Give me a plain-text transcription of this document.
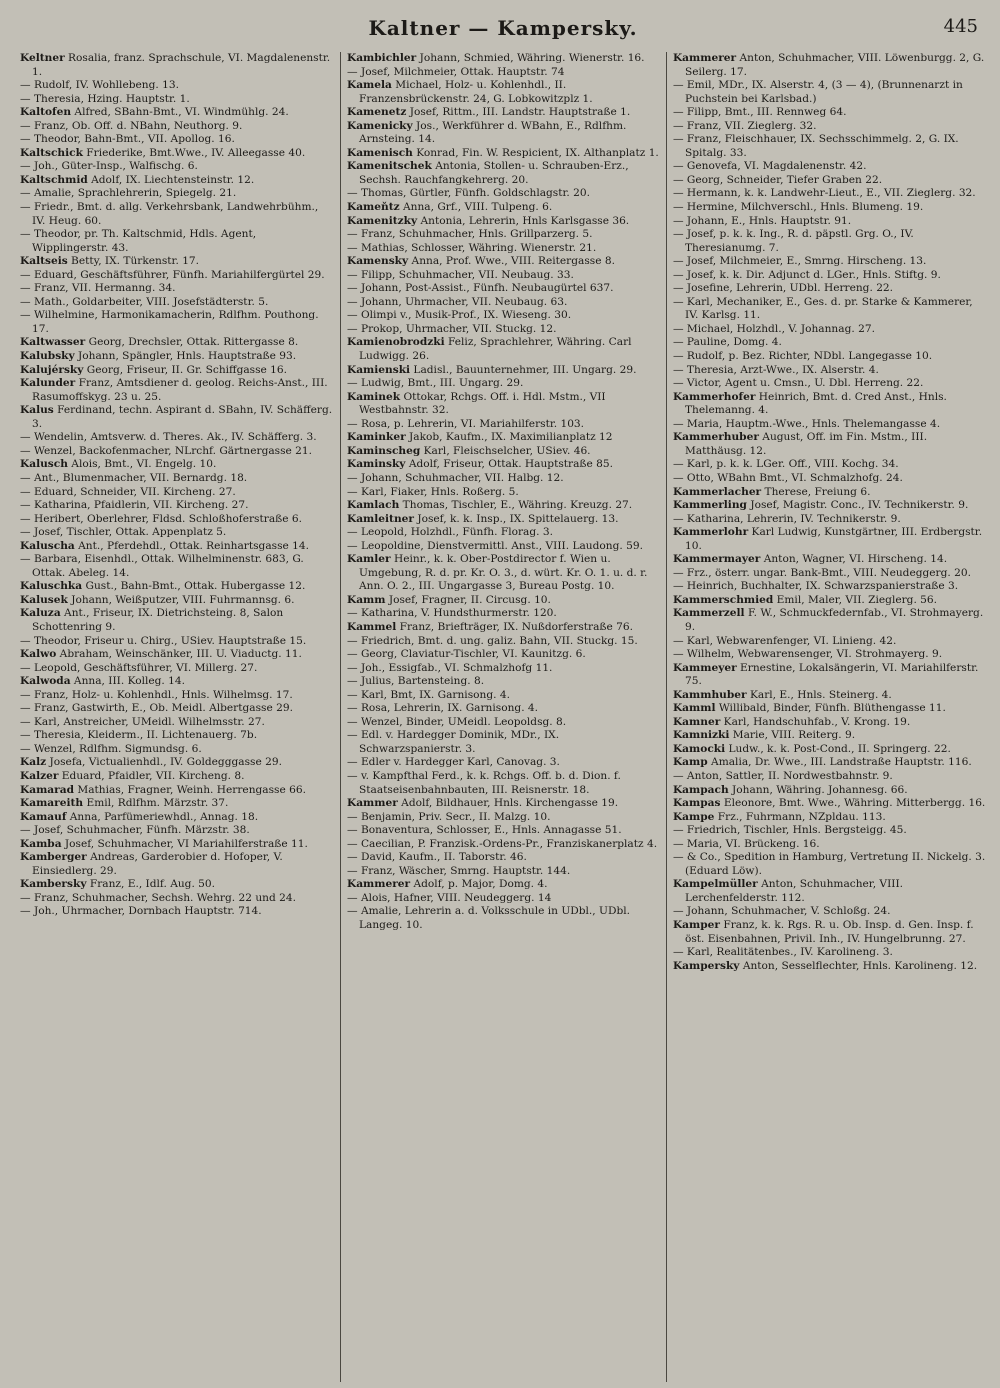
Kaltner — Kampersky.	445
Keltner Rosalia, franz. Sprachschule, VI. Magdalenenstr. 1.
— Rudolf, IV. Wohllebeng. 13.
— Theresia, Hzing. Hauptstr. 1.
Kaltofen Alfred, SBahn-Bmt., VI. Windmühlg. 24.
— Franz, Ob. Off. d. NBahn, Neuthorg. 9.
— Theodor, Bahn-Bmt., VII. Apollog. 16.
Kaltschick Friederike, Bmt.Wwe., IV. Alleegasse 40.
— Joh., Güter-Insp., Walfischg. 6.
Kaltschmid Adolf, IX. Liechtensteinstr. 12.
— Amalie, Sprachlehrerin, Spiegelg. 21.
— Friedr., Bmt. d. allg. Verkehrsbank, Landwehrbühm., IV. Heug. 60.
— Theodor, pr. Th. Kaltschmid, Hdls. Agent, Wipplingerstr. 43.
Kaltseis Betty, IX. Türkenstr. 17.
— Eduard, Geschäftsführer, Fünfh. Mariahilfergürtel 29.
— Franz, VII. Hermanng. 34.
— Math., Goldarbeiter, VIII. Josefstädterstr. 5.
— Wilhelmine, Harmonikamacherin, Rdlfhm. Pouthong. 17.
Kaltwasser Georg, Drechsler, Ottak. Rittergasse 8.
Kalubsky Johann, Spängler, Hnls. Hauptstraße 93.
Kalujérsky Georg, Friseur, II. Gr. Schiffgasse 16.
Kalunder Franz, Amtsdiener d. geolog. Reichs-Anst., III. Rasumoffskyg. 23 u. 25.
Kalus Ferdinand, techn. Aspirant d. SBahn, IV. Schäfferg. 3.
— Wendelin, Amtsverw. d. Theres. Ak., IV. Schäfferg. 3.
— Wenzel, Backofenmacher, NLrchf. Gärtnergasse 21.
Kalusch Alois, Bmt., VI. Engelg. 10.
— Ant., Blumenmacher, VII. Bernardg. 18.
— Eduard, Schneider, VII. Kircheng. 27.
— Katharina, Pfaidlerin, VII. Kircheng. 27.
— Heribert, Oberlehrer, Fldsd. Schloßhoferstraße 6.
— Josef, Tischler, Ottak. Appenplatz 5.
Kaluscha Ant., Pferdehdl., Ottak. Reinhartsgasse 14.
— Barbara, Eisenhdl., Ottak. Wilhelminenstr. 683, G. Ottak. Abeleg. 14.
Kaluschka Gust., Bahn-Bmt., Ottak. Hubergasse 12.
Kalusek Johann, Weißputzer, VIII. Fuhrmannsg. 6.
Kaluza Ant., Friseur, IX. Dietrichsteing. 8, Salon Schottenring 9.
— Theodor, Friseur u. Chirg., USiev. Hauptstraße 15.
Kalwo Abraham, Weinschänker, III. U. Viaductg. 11.
— Leopold, Geschäftsführer, VI. Millerg. 27.
Kalwoda Anna, III. Kolleg. 14.
— Franz, Holz- u. Kohlenhdl., Hnls. Wilhelmsg. 17.
— Franz, Gastwirth, E., Ob. Meidl. Albertgasse 29.
— Karl, Anstreicher, UMeidl. Wilhelmsstr. 27.
— Theresia, Kleiderm., II. Lichtenauerg. 7b.
— Wenzel, Rdlfhm. Sigmundsg. 6.
Kalz Josefa, Victualienhdl., IV. Goldegggasse 29.
Kalzer Eduard, Pfaidler, VII. Kircheng. 8.
Kamarad Mathias, Fragner, Weinh. Herrengasse 66.
Kamareith Emil, Rdlfhm. Märzstr. 37.
Kamauf Anna, Parfümeriewhdl., Annag. 18.
— Josef, Schuhmacher, Fünfh. Märzstr. 38.
Kamba Josef, Schuhmacher, VI Mariahilferstraße 11.
Kamberger Andreas, Garderobier d. Hofoper, V. Einsiedlerg. 29.
Kambersky Franz, E., Idlf. Aug. 50.
— Franz, Schuhmacher, Sechsh. Wehrg. 22 und 24.
— Joh., Uhrmacher, Dornbach Hauptstr. 714.
Kambichler Johann, Schmied, Währing. Wienerstr. 16.
— Josef, Milchmeier, Ottak. Hauptstr. 74
Kamela Michael, Holz- u. Kohlenhdl., II. Franzensbrückenstr. 24, G. Lobkowitzplz 1.
Kamenetz Josef, Rittm., III. Landstr. Hauptstraße 1.
Kamenicky Jos., Werkführer d. WBahn, E., Rdlfhm. Arnsteing. 14.
Kamenisch Konrad, Fin. W. Respicient, IX. Althanplatz 1.
Kamenitschek Antonia, Stollen- u. Schrauben-Erz., Sechsh. Rauchfangkehrerg. 20.
— Thomas, Gürtler, Fünfh. Goldschlagstr. 20.
Kameňtz Anna, Grf., VIII. Tulpeng. 6.
Kamenitzky Antonia, Lehrerin, Hnls Karlsgasse 36.
— Franz, Schuhmacher, Hnls. Grillparzerg. 5.
— Mathias, Schlosser, Währing. Wienerstr. 21.
Kamensky Anna, Prof. Wwe., VIII. Reitergasse 8.
— Filipp, Schuhmacher, VII. Neubaug. 33.
— Johann, Post-Assist., Fünfh. Neubaugürtel 637.
— Johann, Uhrmacher, VII. Neubaug. 63.
— Olimpi v., Musik-Prof., IX. Wieseng. 30.
— Prokop, Uhrmacher, VII. Stuckg. 12.
Kamienobrodzki Feliz, Sprachlehrer, Währing. Carl Ludwigg. 26.
Kamienski Ladisl., Bauunternehmer, III. Ungarg. 29.
— Ludwig, Bmt., III. Ungarg. 29.
Kaminek Ottokar, Rchgs. Off. i. Hdl. Mstm., VII Westbahnstr. 32.
— Rosa, p. Lehrerin, VI. Mariahilferstr. 103.
Kaminker Jakob, Kaufm., IX. Maximilianplatz 12
Kaminscheg Karl, Fleischselcher, USiev. 46.
Kaminsky Adolf, Friseur, Ottak. Hauptstraße 85.
— Johann, Schuhmacher, VII. Halbg. 12.
— Karl, Fiaker, Hnls. Roßerg. 5.
Kamlach Thomas, Tischler, E., Währing. Kreuzg. 27.
Kamleitner Josef, k. k. Insp., IX. Spittelauerg. 13.
— Leopold, Holzhdl., Fünfh. Florag. 3.
— Leopoldine, Dienstvermittl. Anst., VIII. Laudong. 59.
Kamler Heinr., k. k. Ober-Postdirector f. Wien u. Umgebung, R. d. pr. Kr. O. 3., d. würt. Kr. O. 1. u. d. r. Ann. O. 2., III. Ungargasse 3, Bureau Postg. 10.
Kamm Josef, Fragner, II. Circusg. 10.
— Katharina, V. Hundsthurmerstr. 120.
Kammel Franz, Briefträger, IX. Nußdorferstraße 76.
— Friedrich, Bmt. d. ung. galiz. Bahn, VII. Stuckg. 15.
— Georg, Claviatur-Tischler, VI. Kaunitzg. 6.
— Joh., Essigfab., VI. Schmalzhofg 11.
— Julius, Bartensteing. 8.
— Karl, Bmt, IX. Garnisong. 4.
— Rosa, Lehrerin, IX. Garnisong. 4.
— Wenzel, Binder, UMeidl. Leopoldsg. 8.
— Edl. v. Hardegger Dominik, MDr., IX. Schwarzspanierstr. 3.
— Edler v. Hardegger Karl, Canovag. 3.
— v. Kampfthal Ferd., k. k. Rchgs. Off. b. d. Dion. f. Staatseisenbahnbauten, III. Reisnerstr. 18.
Kammer Adolf, Bildhauer, Hnls. Kirchengasse 19.
— Benjamin, Priv. Secr., II. Malzg. 10.
— Bonaventura, Schlosser, E., Hnls. Annagasse 51.
— Caecilian, P. Franzisk.-Ordens-Pr., Franziskanerplatz 4.
— David, Kaufm., II. Taborstr. 46.
— Franz, Wäscher, Smrng. Hauptstr. 144.
Kammerer Adolf, p. Major, Domg. 4.
— Alois, Hafner, VIII. Neudeggerg. 14
— Amalie, Lehrerin a. d. Volksschule in UDbl., UDbl. Langeg. 10.
Kammerer Anton, Schuhmacher, VIII. Löwenburgg. 2, G. Seilerg. 17.
— Emil, MDr., IX. Alserstr. 4, (3 — 4), (Brunnenarzt in Puchstein bei Karlsbad.)
— Filipp, Bmt., III. Rennweg 64.
— Franz, VII. Zieglerg. 32.
— Franz, Fleischhauer, IX. Sechsschimmelg. 2, G. IX. Spitalg. 33.
— Genovefa, VI. Magdalenenstr. 42.
— Georg, Schneider, Tiefer Graben 22.
— Hermann, k. k. Landwehr-Lieut., E., VII. Zieglerg. 32.
— Hermine, Milchverschl., Hnls. Blumeng. 19.
— Johann, E., Hnls. Hauptstr. 91.
— Josef, p. k. k. Ing., R. d. päpstl. Grg. O., IV. Theresianumg. 7.
— Josef, Milchmeier, E., Smrng. Hirscheng. 13.
— Josef, k. k. Dir. Adjunct d. LGer., Hnls. Stiftg. 9.
— Josefine, Lehrerin, UDbl. Herreng. 22.
— Karl, Mechaniker, E., Ges. d. pr. Starke & Kammerer, IV. Karlsg. 11.
— Michael, Holzhdl., V. Johannag. 27.
— Pauline, Domg. 4.
— Rudolf, p. Bez. Richter, NDbl. Langegasse 10.
— Theresia, Arzt-Wwe., IX. Alserstr. 4.
— Victor, Agent u. Cmsn., U. Dbl. Herreng. 22.
Kammerhofer Heinrich, Bmt. d. Cred Anst., Hnls. Thelemanng. 4.
— Maria, Hauptm.-Wwe., Hnls. Thelemangasse 4.
Kammerhuber August, Off. im Fin. Mstm., III. Matthäusg. 12.
— Karl, p. k. k. LGer. Off., VIII. Kochg. 34.
— Otto, WBahn Bmt., VI. Schmalzhofg. 24.
Kammerlacher Therese, Freiung 6.
Kammerling Josef, Magistr. Conc., IV. Technikerstr. 9.
— Katharina, Lehrerin, IV. Technikerstr. 9.
Kammerlohr Karl Ludwig, Kunstgärtner, III. Erdbergstr. 10.
Kammermayer Anton, Wagner, VI. Hirscheng. 14.
— Frz., österr. ungar. Bank-Bmt., VIII. Neudeggerg. 20.
— Heinrich, Buchhalter, IX. Schwarzspanierstraße 3.
Kammerschmied Emil, Maler, VII. Zieglerg. 56.
Kammerzell F. W., Schmuckfedernfab., VI. Strohmayerg. 9.
— Karl, Webwarenfenger, VI. Linieng. 42.
— Wilhelm, Webwarensenger, VI. Strohmayerg. 9.
Kammeyer Ernestine, Lokalsängerin, VI. Mariahilferstr. 75.
Kammhuber Karl, E., Hnls. Steinerg. 4.
Kamml Willibald, Binder, Fünfh. Blüthengasse 11.
Kamner Karl, Handschuhfab., V. Krong. 19.
Kamnizki Marie, VIII. Reiterg. 9.
Kamocki Ludw., k. k. Post-Cond., II. Springerg. 22.
Kamp Amalia, Dr. Wwe., III. Landstraße Hauptstr. 116.
— Anton, Sattler, II. Nordwestbahnstr. 9.
Kampach Johann, Währing. Johannesg. 66.
Kampas Eleonore, Bmt. Wwe., Währing. Mitterbergg. 16.
Kampe Frz., Fuhrmann, NZpldau. 113.
— Friedrich, Tischler, Hnls. Bergsteigg. 45.
— Maria, VI. Brückeng. 16.
— & Co., Spedition in Hamburg, Vertretung II. Nickelg. 3. (Eduard Löw).
Kampelmüller Anton, Schuhmacher, VIII. Lerchenfelderstr. 112.
— Johann, Schuhmacher, V. Schloßg. 24.
Kamper Franz, k. k. Rgs. R. u. Ob. Insp. d. Gen. Insp. f. öst. Eisenbahnen, Privil. Inh., IV. Hungelbrunng. 27.
— Karl, Realitätenbes., IV. Karolineng. 3.
Kampersky Anton, Sesselflechter, Hnls. Karolineng. 12.
